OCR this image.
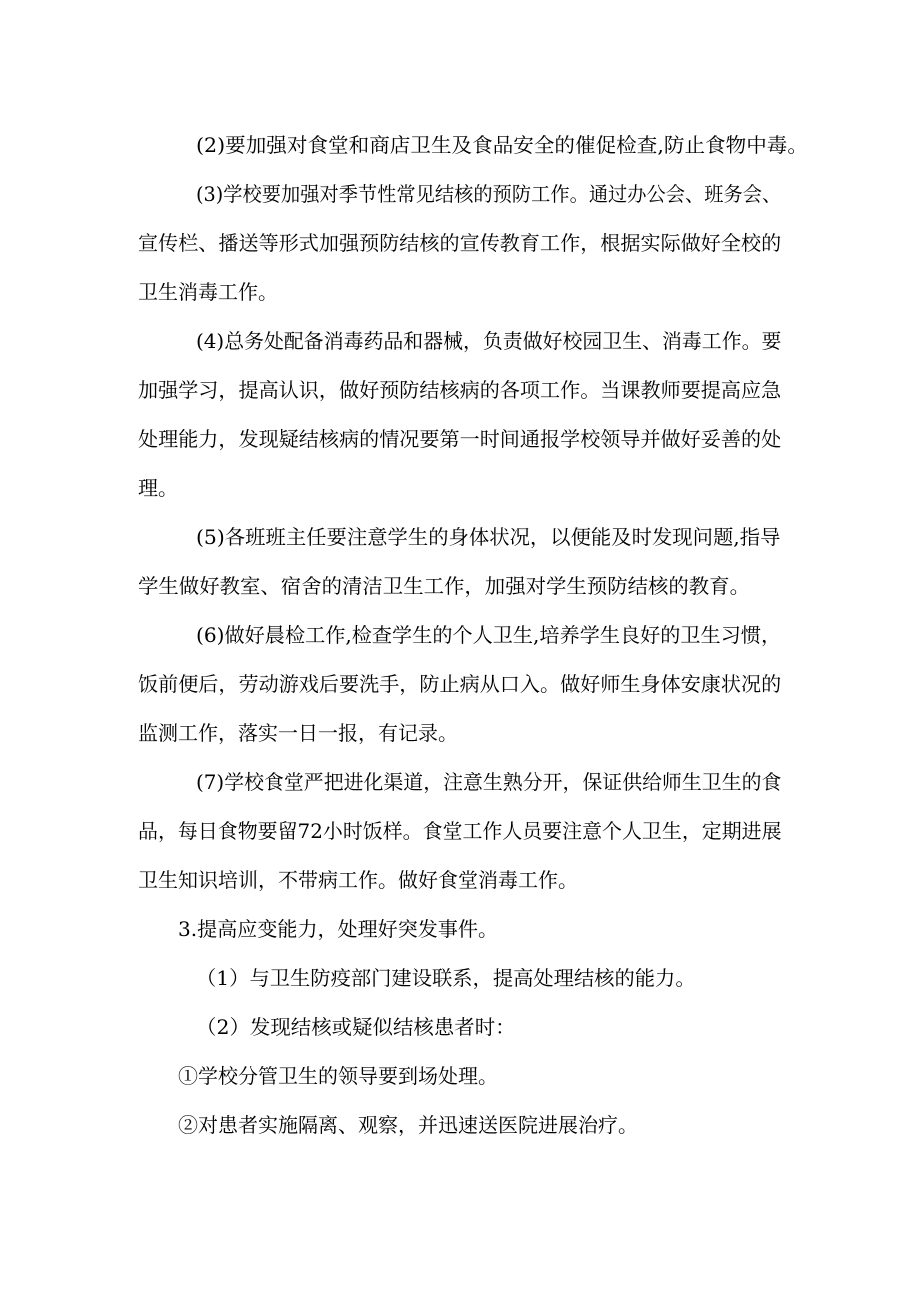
(2)要加强对食堂和商店卫生及食品安全的催促检查,防止食物中毒。
(3)学校要加强对季节性常见结核的预防工作。通过办公会、班务会、
宣传栏、播送等形式加强预防结核的宣传教育工作，根据实际做好全校的
卫生消毒工作。
(4)总务处配备消毒药品和器械，负责做好校园卫生、消毒工作。要
加强学习，提高认识，做好预防结核病的各项工作。当课教师要提高应急
处理能力，发现疑结核病的情况要第一时间通报学校领导并做好妥善的处
理。
(5)各班班主任要注意学生的身体状况，以便能及时发现问题,指导
学生做好教室、宿舍的清洁卫生工作，加强对学生预防结核的教育。
(6)做好晨检工作,检查学生的个人卫生,培养学生良好的卫生习惯，
饭前便后，劳动游戏后要洗手，防止病从口入。做好师生身体安康状况的
监测工作，落实一日一报，有记录。
(7)学校食堂严把进化渠道，注意生熟分开，保证供给师生卫生的食
品，每日食物要留72小时饭样。食堂工作人员要注意个人卫生，定期进展
卫生知识培训，不带病工作。做好食堂消毒工作。
3.提高应变能力，处理好突发事件。
（1）与卫生防疫部门建设联系，提高处理结核的能力。
（2）发现结核或疑似结核患者时：
①学校分管卫生的领导要到场处理。
②对患者实施隔离、观察，并迅速送医院进展治疗。
